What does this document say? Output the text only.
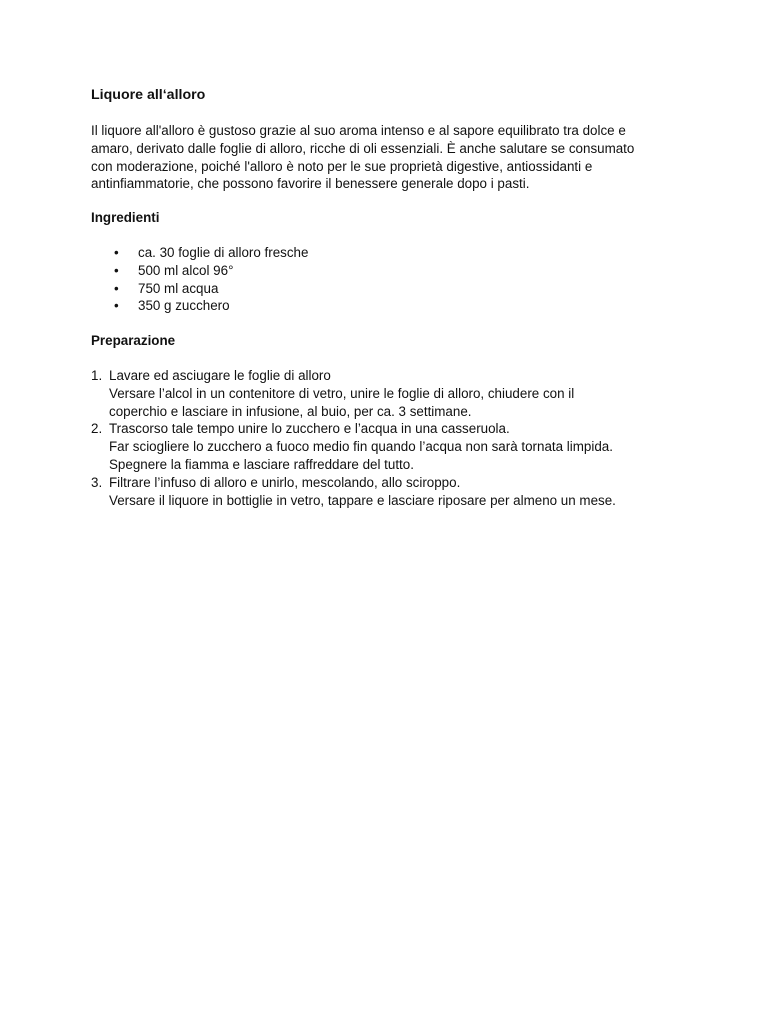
Liquore all‘alloro
Il liquore all'alloro è gustoso grazie al suo aroma intenso e al sapore equilibrato tra dolce e
amaro, derivato dalle foglie di alloro, ricche di oli essenziali. È anche salutare se consumato
con moderazione, poiché l'alloro è noto per le sue proprietà digestive, antiossidanti e
antinfiammatorie, che possono favorire il benessere generale dopo i pasti.
Ingredienti
• ca. 30 foglie di alloro fresche
• 500 ml alcol 96°
• 750 ml acqua
• 350 g zucchero
Preparazione
1. Lavare ed asciugare le foglie di alloro
Versare l’alcol in un contenitore di vetro, unire le foglie di alloro, chiudere con il
coperchio e lasciare in infusione, al buio, per ca. 3 settimane.
2. Trascorso tale tempo unire lo zucchero e l’acqua in una casseruola.
Far sciogliere lo zucchero a fuoco medio fin quando l’acqua non sarà tornata limpida.
Spegnere la fiamma e lasciare raffreddare del tutto.
3. Filtrare l’infuso di alloro e unirlo, mescolando, allo sciroppo.
Versare il liquore in bottiglie in vetro, tappare e lasciare riposare per almeno un mese.
